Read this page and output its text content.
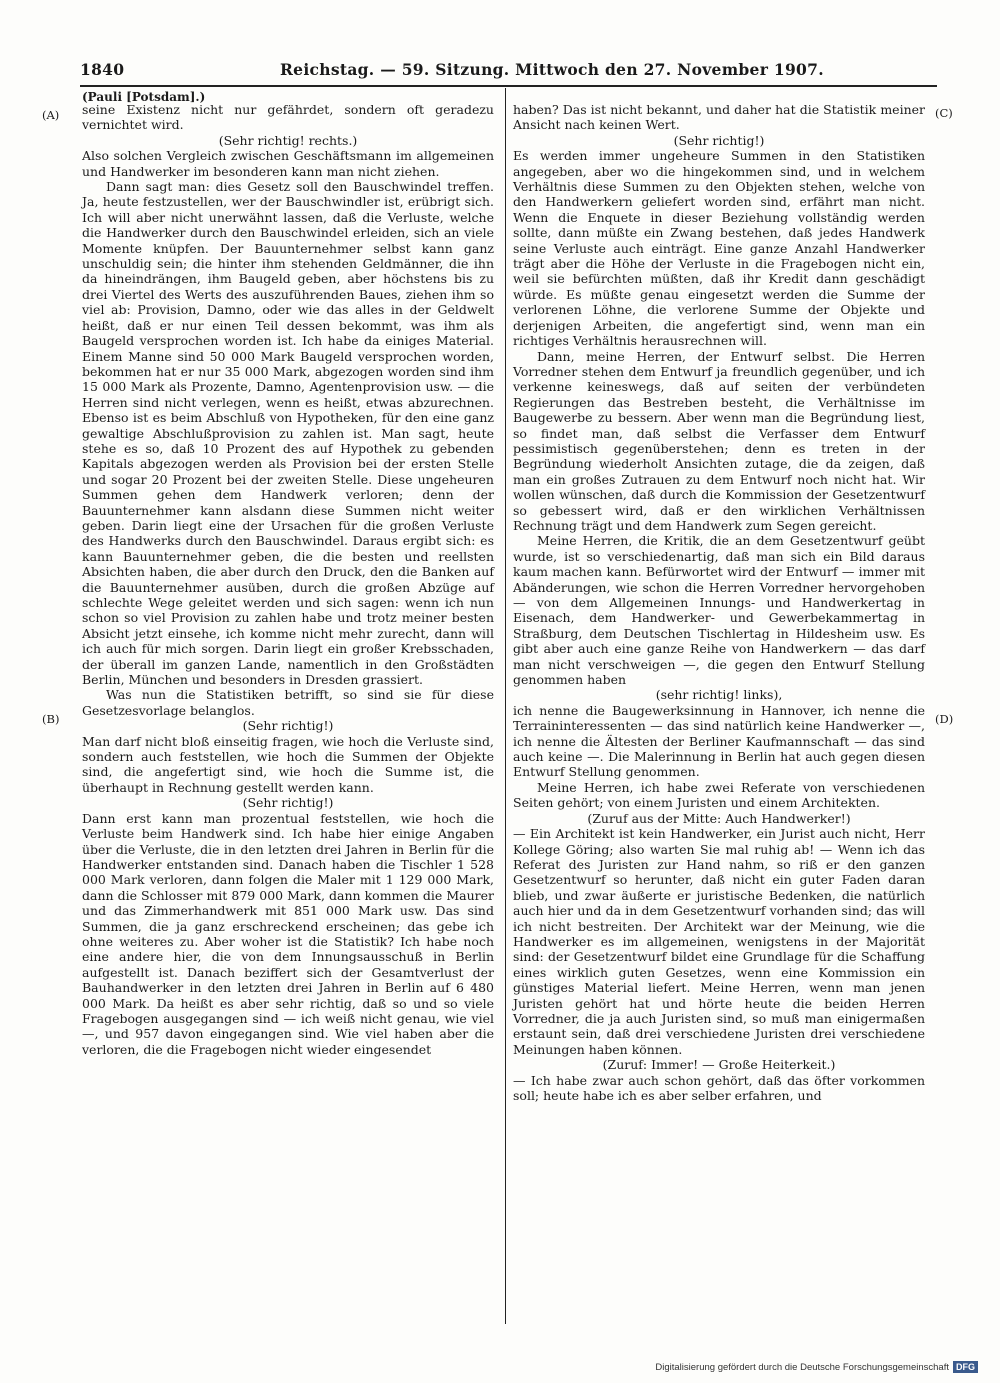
1840	Reichstag. — 59. Sitzung. Mittwoch den 27. November 1907.
(Pauli [Potsdam].)
(A)
(B)
(C)
(D)

seine Existenz nicht nur gefährdet, sondern oft geradezu vernichtet wird.

(Sehr richtig! rechts.)

Also solchen Vergleich zwischen Geschäftsmann im allgemeinen und Handwerker im besonderen kann man nicht ziehen.

Dann sagt man: dies Gesetz soll den Bauschwindel treffen. Ja, heute festzustellen, wer der Bauschwindler ist, erübrigt sich. Ich will aber nicht unerwähnt lassen, daß die Verluste, welche die Handwerker durch den Bauschwindel erleiden, sich an viele Momente knüpfen. Der Bauunternehmer selbst kann ganz unschuldig sein; die hinter ihm stehenden Geldmänner, die ihn da hineindrängen, ihm Baugeld geben, aber höchstens bis zu drei Viertel des Werts des auszuführenden Baues, ziehen ihm so viel ab: Provision, Damno, oder wie das alles in der Geldwelt heißt, daß er nur einen Teil dessen bekommt, was ihm als Baugeld versprochen worden ist. Ich habe da einiges Material. Einem Manne sind 50 000 Mark Baugeld versprochen worden, bekommen hat er nur 35 000 Mark, abgezogen worden sind ihm 15 000 Mark als Prozente, Damno, Agentenprovision usw. — die Herren sind nicht verlegen, wenn es heißt, etwas abzurechnen. Ebenso ist es beim Abschluß von Hypotheken, für den eine ganz gewaltige Abschlußprovision zu zahlen ist. Man sagt, heute stehe es so, daß 10 Prozent des auf Hypothek zu gebenden Kapitals abgezogen werden als Provision bei der ersten Stelle und sogar 20 Prozent bei der zweiten Stelle. Diese ungeheuren Summen gehen dem Handwerk verloren; denn der Bauunternehmer kann alsdann diese Summen nicht weiter geben. Darin liegt eine der Ursachen für die großen Verluste des Handwerks durch den Bauschwindel. Daraus ergibt sich: es kann Bauunternehmer geben, die die besten und reellsten Absichten haben, die aber durch den Druck, den die Banken auf die Bauunternehmer ausüben, durch die großen Abzüge auf schlechte Wege geleitet werden und sich sagen: wenn ich nun schon so viel Provision zu zahlen habe und trotz meiner besten Absicht jetzt einsehe, ich komme nicht mehr zurecht, dann will ich auch für mich sorgen. Darin liegt ein großer Krebsschaden, der überall im ganzen Lande, namentlich in den Großstädten Berlin, München und besonders in Dresden grassiert.

Was nun die Statistiken betrifft, so sind sie für diese Gesetzesvorlage belanglos.

(Sehr richtig!)

Man darf nicht bloß einseitig fragen, wie hoch die Verluste sind, sondern auch feststellen, wie hoch die Summen der Objekte sind, die angefertigt sind, wie hoch die Summe ist, die überhaupt in Rechnung gestellt werden kann.

(Sehr richtig!)

Dann erst kann man prozentual feststellen, wie hoch die Verluste beim Handwerk sind. Ich habe hier einige Angaben über die Verluste, die in den letzten drei Jahren in Berlin für die Handwerker entstanden sind. Danach haben die Tischler 1 528 000 Mark verloren, dann folgen die Maler mit 1 129 000 Mark, dann die Schlosser mit 879 000 Mark, dann kommen die Maurer und das Zimmerhandwerk mit 851 000 Mark usw. Das sind Summen, die ja ganz erschreckend erscheinen; das gebe ich ohne weiteres zu. Aber woher ist die Statistik? Ich habe noch eine andere hier, die von dem Innungsausschuß in Berlin aufgestellt ist. Danach beziffert sich der Gesamtverlust der Bauhandwerker in den letzten drei Jahren in Berlin auf 6 480 000 Mark. Da heißt es aber sehr richtig, daß so und so viele Fragebogen ausgegangen sind — ich weiß nicht genau, wie viel —, und 957 davon eingegangen sind. Wie viel haben aber die verloren, die die Fragebogen nicht wieder eingesendet

haben? Das ist nicht bekannt, und daher hat die Statistik meiner Ansicht nach keinen Wert.

(Sehr richtig!)

Es werden immer ungeheure Summen in den Statistiken angegeben, aber wo die hingekommen sind, und in welchem Verhältnis diese Summen zu den Objekten stehen, welche von den Handwerkern geliefert worden sind, erfährt man nicht. Wenn die Enquete in dieser Beziehung vollständig werden sollte, dann müßte ein Zwang bestehen, daß jedes Handwerk seine Verluste auch einträgt. Eine ganze Anzahl Handwerker trägt aber die Höhe der Verluste in die Fragebogen nicht ein, weil sie befürchten müßten, daß ihr Kredit dann geschädigt würde. Es müßte genau eingesetzt werden die Summe der verlorenen Löhne, die verlorene Summe der Objekte und derjenigen Arbeiten, die angefertigt sind, wenn man ein richtiges Verhältnis herausrechnen will.

Dann, meine Herren, der Entwurf selbst. Die Herren Vorredner stehen dem Entwurf ja freundlich gegenüber, und ich verkenne keineswegs, daß auf seiten der verbündeten Regierungen das Bestreben besteht, die Verhältnisse im Baugewerbe zu bessern. Aber wenn man die Begründung liest, so findet man, daß selbst die Verfasser dem Entwurf pessimistisch gegenüberstehen; denn es treten in der Begründung wiederholt Ansichten zutage, die da zeigen, daß man ein großes Zutrauen zu dem Entwurf noch nicht hat. Wir wollen wünschen, daß durch die Kommission der Gesetzentwurf so gebessert wird, daß er den wirklichen Verhältnissen Rechnung trägt und dem Handwerk zum Segen gereicht.

Meine Herren, die Kritik, die an dem Gesetzentwurf geübt wurde, ist so verschiedenartig, daß man sich ein Bild daraus kaum machen kann. Befürwortet wird der Entwurf — immer mit Abänderungen, wie schon die Herren Vorredner hervorgehoben — von dem Allgemeinen Innungs- und Handwerkertag in Eisenach, dem Handwerker- und Gewerbekammertag in Straßburg, dem Deutschen Tischlertag in Hildesheim usw. Es gibt aber auch eine ganze Reihe von Handwerkern — das darf man nicht verschweigen —, die gegen den Entwurf Stellung genommen haben

(sehr richtig! links),

ich nenne die Baugewerksinnung in Hannover, ich nenne die Terraininteressenten — das sind natürlich keine Handwerker —, ich nenne die Ältesten der Berliner Kaufmannschaft — das sind auch keine —. Die Malerinnung in Berlin hat auch gegen diesen Entwurf Stellung genommen.

Meine Herren, ich habe zwei Referate von verschiedenen Seiten gehört; von einem Juristen und einem Architekten.

(Zuruf aus der Mitte: Auch Handwerker!)

— Ein Architekt ist kein Handwerker, ein Jurist auch nicht, Herr Kollege Göring; also warten Sie mal ruhig ab! — Wenn ich das Referat des Juristen zur Hand nahm, so riß er den ganzen Gesetzentwurf so herunter, daß nicht ein guter Faden daran blieb, und zwar äußerte er juristische Bedenken, die natürlich auch hier und da in dem Gesetzentwurf vorhanden sind; das will ich nicht bestreiten. Der Architekt war der Meinung, wie die Handwerker es im allgemeinen, wenigstens in der Majorität sind: der Gesetzentwurf bildet eine Grundlage für die Schaffung eines wirklich guten Gesetzes, wenn eine Kommission ein günstiges Material liefert. Meine Herren, wenn man jenen Juristen gehört hat und hörte heute die beiden Herren Vorredner, die ja auch Juristen sind, so muß man einigermaßen erstaunt sein, daß drei verschiedene Juristen drei verschiedene Meinungen haben können.

(Zuruf: Immer! — Große Heiterkeit.)

— Ich habe zwar auch schon gehört, daß das öfter vorkommen soll; heute habe ich es aber selber erfahren, und

Digitalisierung gefördert durch die Deutsche Forschungsgemeinschaft DFG
